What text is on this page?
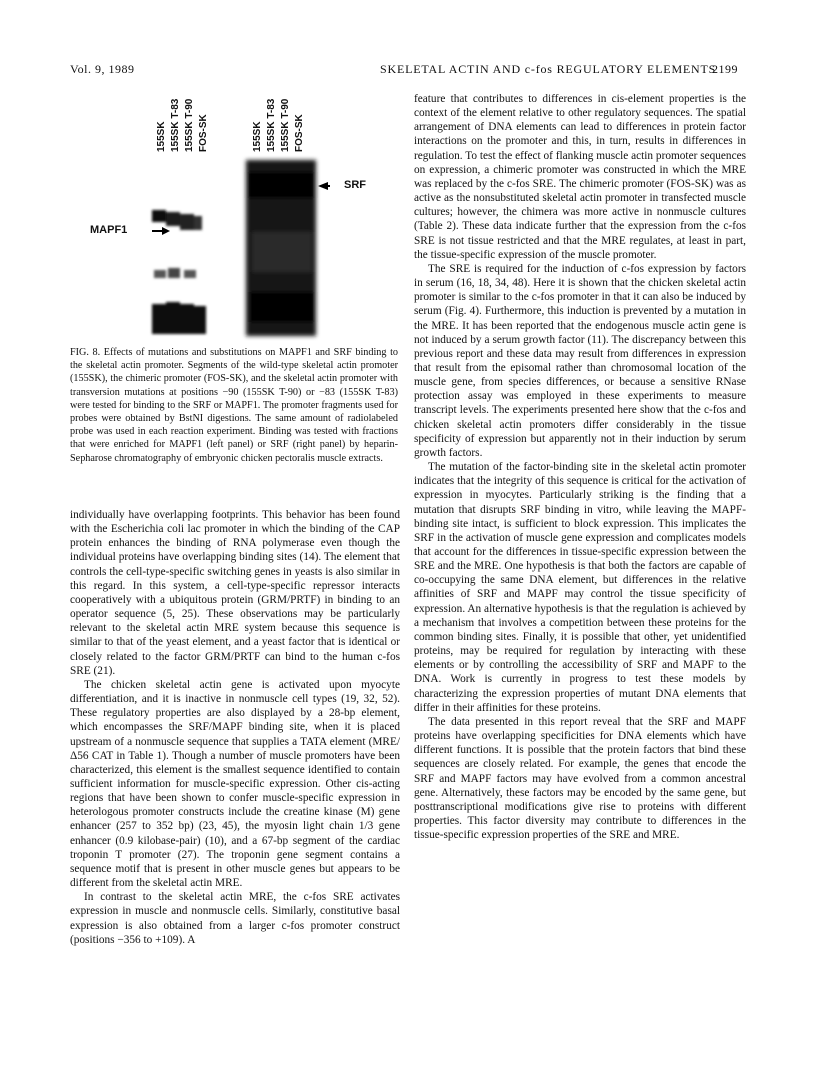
Vol. 9, 1989	SKELETAL ACTIN AND c-fos REGULATORY ELEMENTS
2199
155SK 155SK T-83 155SK T-90 FOS-SK	155SK 155SK T-83 155SK T-90 FOS-SK
MAPF1
SRF
FIG. 8. Effects of mutations and substitutions on MAPF1 and SRF binding to the skeletal actin promoter. Segments of the wild-type skeletal actin promoter (155SK), the chimeric promoter (FOS-SK), and the skeletal actin promoter with transversion mutations at positions −90 (155SK T-90) or −83 (155SK T-83) were tested for binding to the SRF or MAPF1. The promoter fragments used for probes were obtained by BstNI digestions. The same amount of radiolabeled probe was used in each reaction experiment. Binding was tested with fractions that were enriched for MAPF1 (left panel) or SRF (right panel) by heparin-Sepharose chromatography of embryonic chicken pectoralis muscle extracts.

individually have overlapping footprints. This behavior has been found with the Escherichia coli lac promoter in which the binding of the CAP protein enhances the binding of RNA polymerase even though the individual proteins have overlapping binding sites (14). The element that controls the cell-type-specific switching genes in yeasts is also similar in this regard. In this system, a cell-type-specific repressor interacts cooperatively with a ubiquitous protein (GRM/PRTF) in binding to an operator sequence (5, 25). These observations may be particularly relevant to the skeletal actin MRE system because this sequence is similar to that of the yeast element, and a yeast factor that is identical or closely related to the factor GRM/PRTF can bind to the human c-fos SRE (21).

The chicken skeletal actin gene is activated upon myocyte differentiation, and it is inactive in nonmuscle cell types (19, 32, 52). These regulatory properties are also displayed by a 28-bp element, which encompasses the SRF/MAPF binding site, when it is placed upstream of a nonmuscle sequence that supplies a TATA element (MRE/Δ56 CAT in Table 1). Though a number of muscle promoters have been characterized, this element is the smallest sequence identified to contain sufficient information for muscle-specific expression. Other cis-acting regions that have been shown to confer muscle-specific expression in heterologous promoter constructs include the creatine kinase (M) gene enhancer (257 to 352 bp) (23, 45), the myosin light chain 1/3 gene enhancer (0.9 kilobase-pair) (10), and a 67-bp segment of the cardiac troponin T promoter (27). The troponin gene segment contains a sequence motif that is present in other muscle genes but appears to be different from the skeletal actin MRE.

In contrast to the skeletal actin MRE, the c-fos SRE activates expression in muscle and nonmuscle cells. Similarly, constitutive basal expression is also obtained from a larger c-fos promoter construct (positions −356 to +109). A

feature that contributes to differences in cis-element properties is the context of the element relative to other regulatory sequences. The spatial arrangement of DNA elements can lead to differences in protein factor interactions on the promoter and this, in turn, results in differences in regulation. To test the effect of flanking muscle actin promoter sequences on expression, a chimeric promoter was constructed in which the MRE was replaced by the c-fos SRE. The chimeric promoter (FOS-SK) was as active as the nonsubstituted skeletal actin promoter in transfected muscle cultures; however, the chimera was more active in nonmuscle cultures (Table 2). These data indicate further that the expression from the c-fos SRE is not tissue restricted and that the MRE regulates, at least in part, the tissue-specific expression of the muscle promoter.

The SRE is required for the induction of c-fos expression by factors in serum (16, 18, 34, 48). Here it is shown that the chicken skeletal actin promoter is similar to the c-fos promoter in that it can also be induced by serum (Fig. 4). Furthermore, this induction is prevented by a mutation in the MRE. It has been reported that the endogenous muscle actin gene is not induced by a serum growth factor (11). The discrepancy between this previous report and these data may result from differences in expression that result from the episomal rather than chromosomal location of the muscle gene, from species differences, or because a sensitive RNase protection assay was employed in these experiments to measure transcript levels. The experiments presented here show that the c-fos and chicken skeletal actin promoters differ considerably in the tissue specificity of expression but apparently not in their induction by serum growth factors.

The mutation of the factor-binding site in the skeletal actin promoter indicates that the integrity of this sequence is critical for the activation of expression in myocytes. Particularly striking is the finding that a mutation that disrupts SRF binding in vitro, while leaving the MAPF-binding site intact, is sufficient to block expression. This implicates the SRF in the activation of muscle gene expression and complicates models that account for the differences in tissue-specific expression between the SRE and the MRE. One hypothesis is that both the factors are capable of co-occupying the same DNA element, but differences in the relative affinities of SRF and MAPF may control the tissue specificity of expression. An alternative hypothesis is that the regulation is achieved by a mechanism that involves a competition between these proteins for the common binding sites. Finally, it is possible that other, yet unidentified proteins, may be required for regulation by interacting with these elements or by controlling the accessibility of SRF and MAPF to the DNA. Work is currently in progress to test these models by characterizing the expression properties of mutant DNA elements that differ in their affinities for these proteins.

The data presented in this report reveal that the SRF and MAPF proteins have overlapping specificities for DNA elements which have different functions. It is possible that the protein factors that bind these sequences are closely related. For example, the genes that encode the SRF and MAPF factors may have evolved from a common ancestral gene. Alternatively, these factors may be encoded by the same gene, but posttranscriptional modifications give rise to proteins with different properties. This factor diversity may contribute to differences in the tissue-specific expression properties of the SRE and MRE.
